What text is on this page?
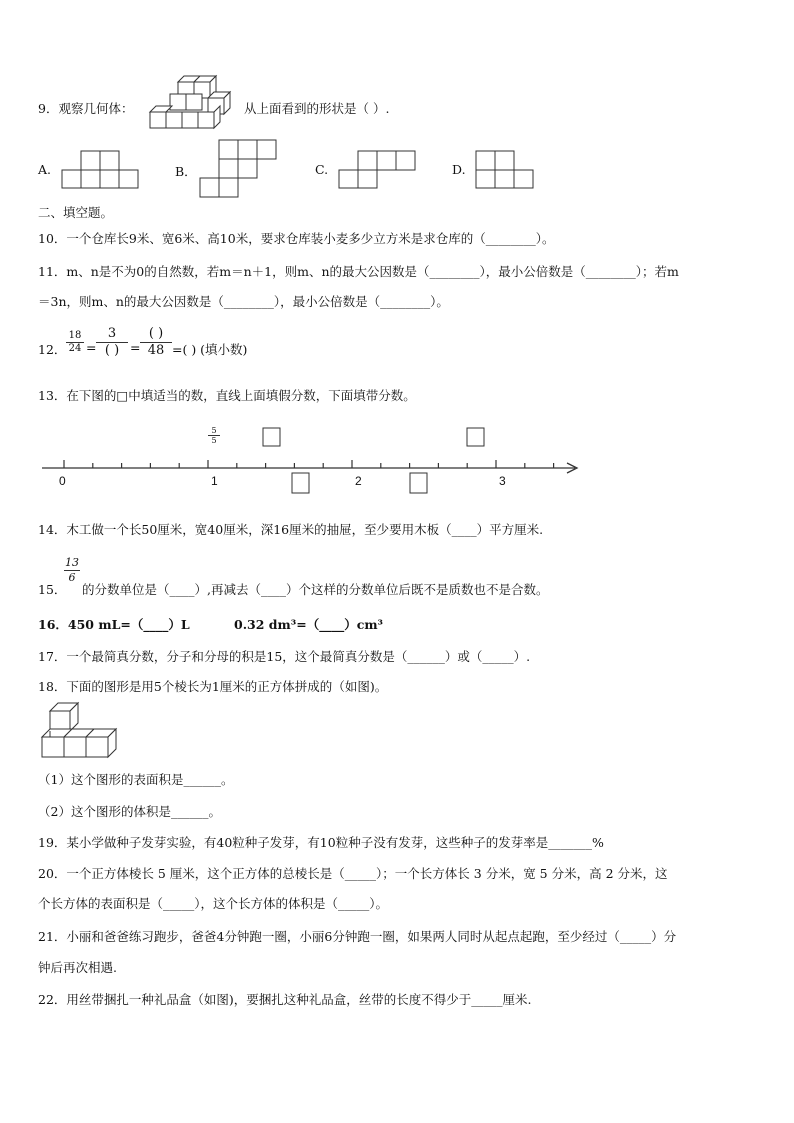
9．观察几何体：	从上面看到的形状是（ ）.
A.	B．	C.	D.
二、填空题。
10．一个仓库长9米、宽6米、高10米，要求仓库装小麦多少立方米是求仓库的（________）。
11．m、n是不为0的自然数，若m＝n＋1，则m、n的最大公因数是（________），最小公倍数是（________）；若m
＝3n，则m、n的最大公因数是（________），最小公倍数是（________）。
12． $\frac{18}{24}$ =
3
( ) =
( )
48 =( ) (填小数)
13．在下图的□中填适当的数，直线上面填假分数，下面填带分数。
0	1	2	3
$\frac{5}{5}$
14．木工做一个长50厘米，宽40厘米，深16厘米的抽屉，至少要用木板（____）平方厘米.
$\frac{13}{6}$
15． 的分数单位是（____）,再减去（____）个这样的分数单位后既不是质数也不是合数。
16．450 mL=（____）L	0.32 dm³=（____）cm³
17．一个最简真分数，分子和分母的积是15，这个最简真分数是（______）或（_____）.
18．下面的图形是用5个棱长为1厘米的正方体拼成的（如图)。
（1）这个图形的表面积是______。
（2）这个图形的体积是______。
19．某小学做种子发芽实验，有40粒种子发芽，有10粒种子没有发芽，这些种子的发芽率是_______%
20．一个正方体棱长 5 厘米，这个正方体的总棱长是（_____）；一个长方体长 3 分米，宽 5 分米，高 2 分米，这
个长方体的表面积是（_____），这个长方体的体积是（_____）。
21．小丽和爸爸练习跑步，爸爸4分钟跑一圈，小丽6分钟跑一圈，如果两人同时从起点起跑，至少经过（_____）分
钟后再次相遇.
22．用丝带捆扎一种礼品盒（如图)，要捆扎这种礼品盒，丝带的长度不得少于_____厘米.
